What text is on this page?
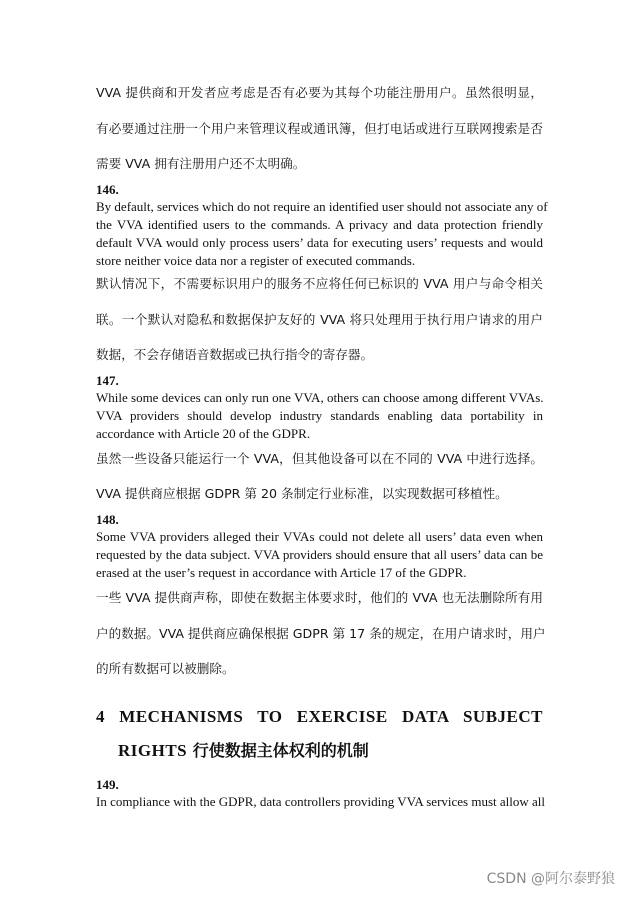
VVA 提供商和开发者应考虑是否有必要为其每个功能注册用户。虽然很明显，
有必要通过注册一个用户来管理议程或通讯簿，但打电话或进行互联网搜索是否
需要 VVA 拥有注册用户还不太明确。
146.
By default, services which do not require an identified user should not associate any of
the VVA identified users to the commands. A privacy and data protection friendly
default VVA would only process users’ data for executing users’ requests and would
store neither voice data nor a register of executed commands.
默认情况下，不需要标识用户的服务不应将任何已标识的 VVA 用户与命令相关
联。一个默认对隐私和数据保护友好的 VVA 将只处理用于执行用户请求的用户
数据，不会存储语音数据或已执行指令的寄存器。
147.
While some devices can only run one VVA, others can choose among different VVAs.
VVA providers should develop industry standards enabling data portability in
accordance with Article 20 of the GDPR.
虽然一些设备只能运行一个 VVA，但其他设备可以在不同的 VVA 中进行选择。
VVA 提供商应根据 GDPR 第 20 条制定行业标准，以实现数据可移植性。
148.
Some VVA providers alleged their VVAs could not delete all users’ data even when
requested by the data subject. VVA providers should ensure that all users’ data can be
erased at the user’s request in accordance with Article 17 of the GDPR.
一些 VVA 提供商声称，即使在数据主体要求时，他们的 VVA 也无法删除所有用
户的数据。VVA 提供商应确保根据 GDPR 第 17 条的规定，在用户请求时，用户
的所有数据可以被删除。
4 MECHANISMS TO EXERCISE DATA SUBJECT
RIGHTS 行使数据主体权利的机制
149.
In compliance with the GDPR, data controllers providing VVA services must allow all
CSDN @阿尔泰野狼
